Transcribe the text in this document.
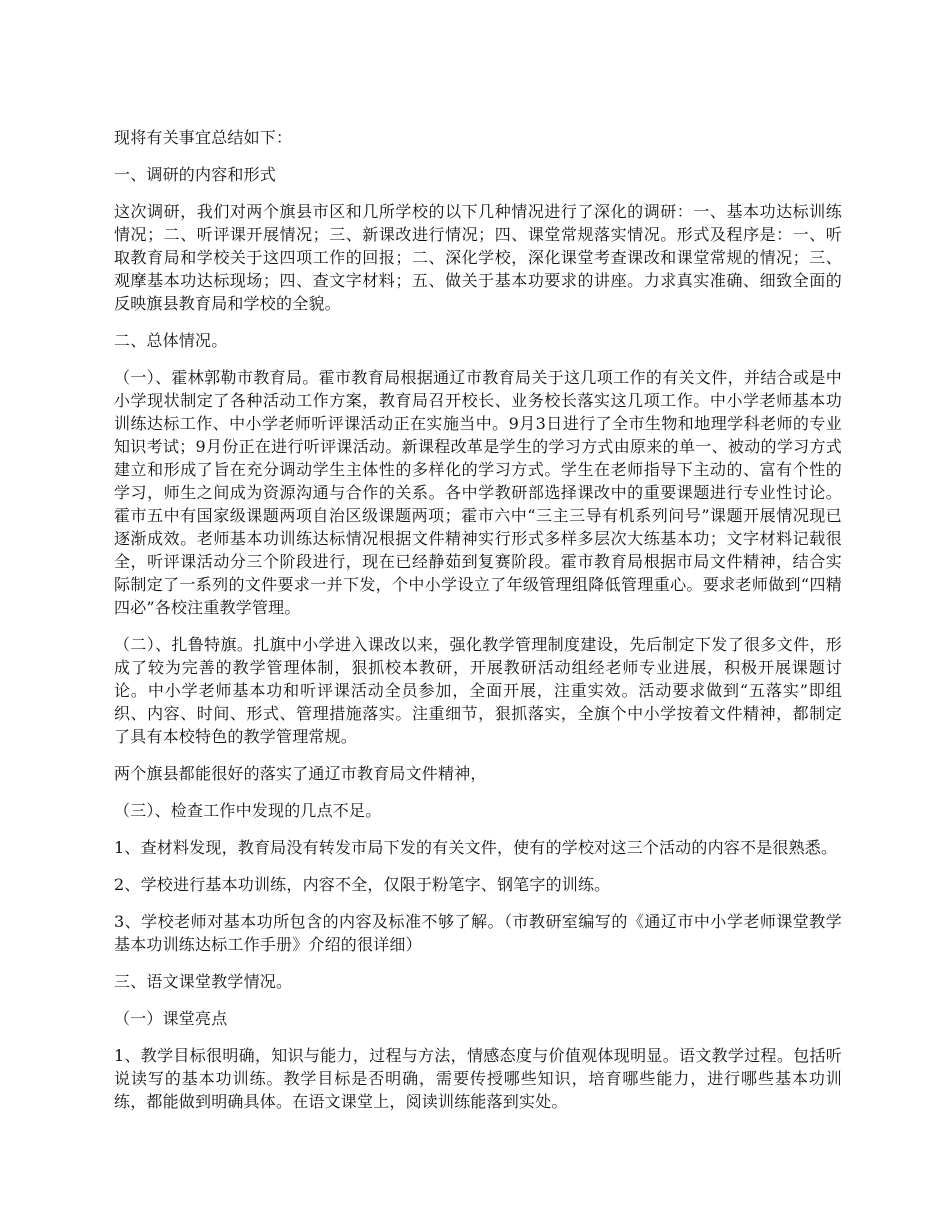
现将有关事宜总结如下：

一、调研的内容和形式

这次调研，我们对两个旗县市区和几所学校的以下几种情况进行了深化的调研：一、基本功达标训练情况；二、听评课开展情况；三、新课改进行情况；四、课堂常规落实情况。形式及程序是：一、听取教育局和学校关于这四项工作的回报；二、深化学校，深化课堂考查课改和课堂常规的情况；三、观摩基本功达标现场；四、查文字材料；五、做关于基本功要求的讲座。力求真实准确、细致全面的反映旗县教育局和学校的全貌。

二、总体情况。

（一）、霍林郭勒市教育局。霍市教育局根据通辽市教育局关于这几项工作的有关文件，并结合或是中小学现状制定了各种活动工作方案，教育局召开校长、业务校长落实这几项工作。中小学老师基本功训练达标工作、中小学老师听评课活动正在实施当中。9月3日进行了全市生物和地理学科老师的专业知识考试；9月份正在进行听评课活动。新课程改革是学生的学习方式由原来的单一、被动的学习方式建立和形成了旨在充分调动学生主体性的多样化的学习方式。学生在老师指导下主动的、富有个性的学习，师生之间成为资源沟通与合作的关系。各中学教研部选择课改中的重要课题进行专业性讨论。霍市五中有国家级课题两项自治区级课题两项；霍市六中“三主三导有机系列问号”课题开展情况现已逐渐成效。老师基本功训练达标情况根据文件精神实行形式多样多层次大练基本功；文字材料记载很全，听评课活动分三个阶段进行，现在已经静茹到复赛阶段。霍市教育局根据市局文件精神，结合实际制定了一系列的文件要求一并下发，个中小学设立了年级管理组降低管理重心。要求老师做到“四精四必”各校注重教学管理。

（二）、扎鲁特旗。扎旗中小学进入课改以来，强化教学管理制度建设，先后制定下发了很多文件，形成了较为完善的教学管理体制，狠抓校本教研，开展教研活动组经老师专业进展，积极开展课题讨论。中小学老师基本功和听评课活动全员参加，全面开展，注重实效。活动要求做到“五落实”即组织、内容、时间、形式、管理措施落实。注重细节，狠抓落实，全旗个中小学按着文件精神，都制定了具有本校特色的教学管理常规。

两个旗县都能很好的落实了通辽市教育局文件精神，

（三）、检查工作中发现的几点不足。

1、查材料发现，教育局没有转发市局下发的有关文件，使有的学校对这三个活动的内容不是很熟悉。

2、学校进行基本功训练，内容不全，仅限于粉笔字、钢笔字的训练。

3、学校老师对基本功所包含的内容及标准不够了解。（市教研室编写的《通辽市中小学老师课堂教学基本功训练达标工作手册》介绍的很详细）

三、语文课堂教学情况。

（一）课堂亮点

1、教学目标很明确，知识与能力，过程与方法，情感态度与价值观体现明显。语文教学过程。包括听说读写的基本功训练。教学目标是否明确，需要传授哪些知识，培育哪些能力，进行哪些基本功训练，都能做到明确具体。在语文课堂上，阅读训练能落到实处。
